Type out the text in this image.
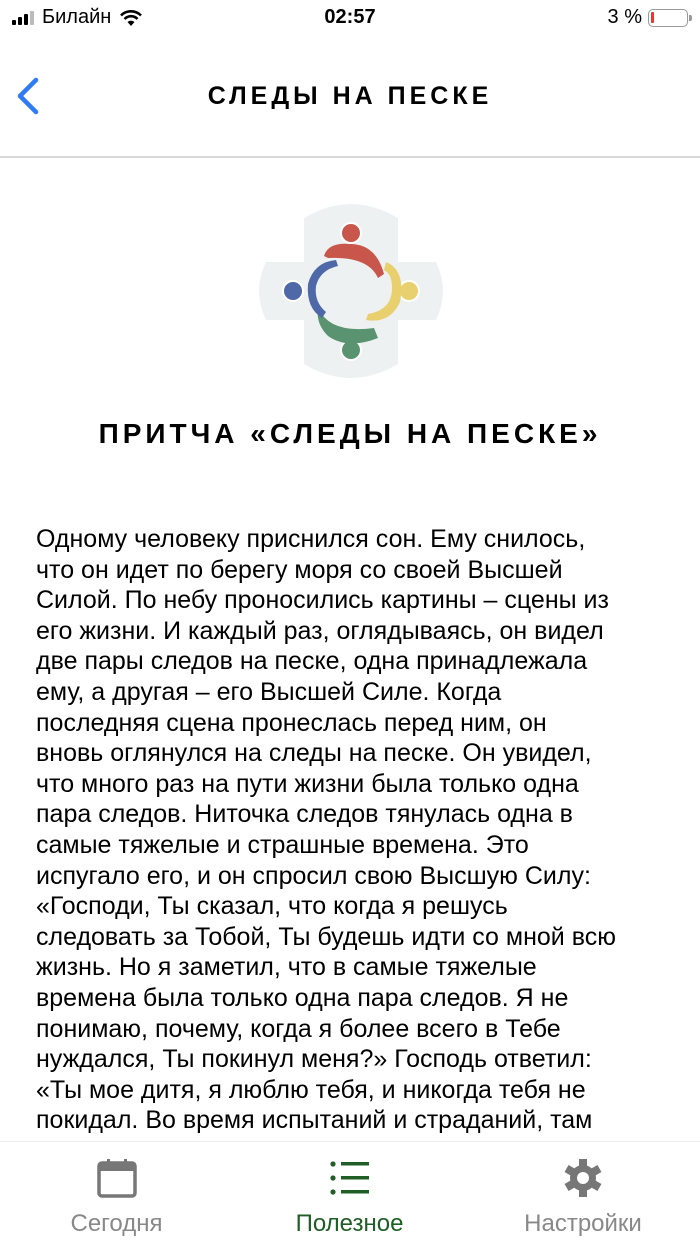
Билайн	02:57	3 %
СЛЕДЫ НА ПЕСКЕ
ПРИТЧА «СЛЕДЫ НА ПЕСКЕ»
Одному человеку приснился сон. Ему снилось,
что он идет по берегу моря со своей Высшей
Силой. По небу проносились картины – сцены из
его жизни. И каждый раз, оглядываясь, он видел
две пары следов на песке, одна принадлежала
ему, а другая – его Высшей Силе. Когда
последняя сцена пронеслась перед ним, он
вновь оглянулся на следы на песке. Он увидел,
что много раз на пути жизни была только одна
пара следов. Ниточка следов тянулась одна в
самые тяжелые и страшные времена. Это
испугало его, и он спросил свою Высшую Силу:
«Господи, Ты сказал, что когда я решусь
следовать за Тобой, Ты будешь идти со мной всю
жизнь. Но я заметил, что в самые тяжелые
времена была только одна пара следов. Я не
понимаю, почему, когда я более всего в Тебе
нуждался, Ты покинул меня?» Господь ответил:
«Ты мое дитя, я люблю тебя, и никогда тебя не
покидал. Во время испытаний и страданий, там
Сегодня	Полезное	Настройки
